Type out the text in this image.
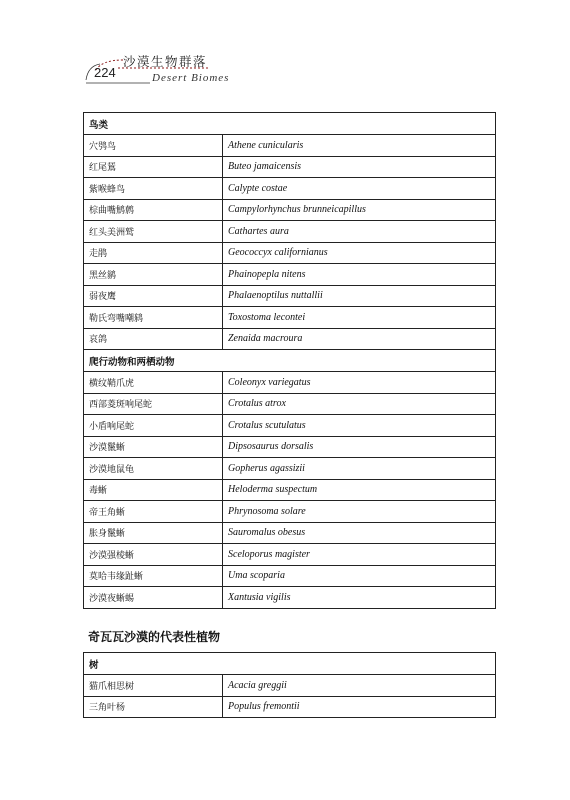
224
沙漠生物群落
Desert Biomes
鸟类	
穴鸮鸟	Athene cunicularis
红尾鵟	Buteo jamaicensis
紫喉蜂鸟	Calypte costae
棕曲嘴鹪鹩	Campylorhynchus brunneicapillus
红头美洲鹫	Cathartes aura
走鹃	Geococcyx californianus
黑丝鹟	Phainopepla nitens
弱夜鹰	Phalaenoptilus nuttallii
勒氏弯嘴嘲鸫	Toxostoma lecontei
哀鸽	Zenaida macroura
爬行动物和两栖动物	
横纹鞘爪虎	Coleonyx variegatus
西部菱斑响尾蛇	Crotalus atrox
小盾响尾蛇	Crotalus scutulatus
沙漠鬣蜥	Dipsosaurus dorsalis
沙漠地鼠龟	Gopherus agassizii
毒蜥	Heloderma suspectum
帝王角蜥	Phrynosoma solare
胀身鬣蜥	Sauromalus obesus
沙漠强棱蜥	Sceloporus magister
莫哈韦缘趾蜥	Uma scoparia
沙漠夜蜥蜴	Xantusia vigilis
奇瓦瓦沙漠的代表性植物
树	
猫爪相思树	Acacia greggii
三角叶杨	Populus fremontii
